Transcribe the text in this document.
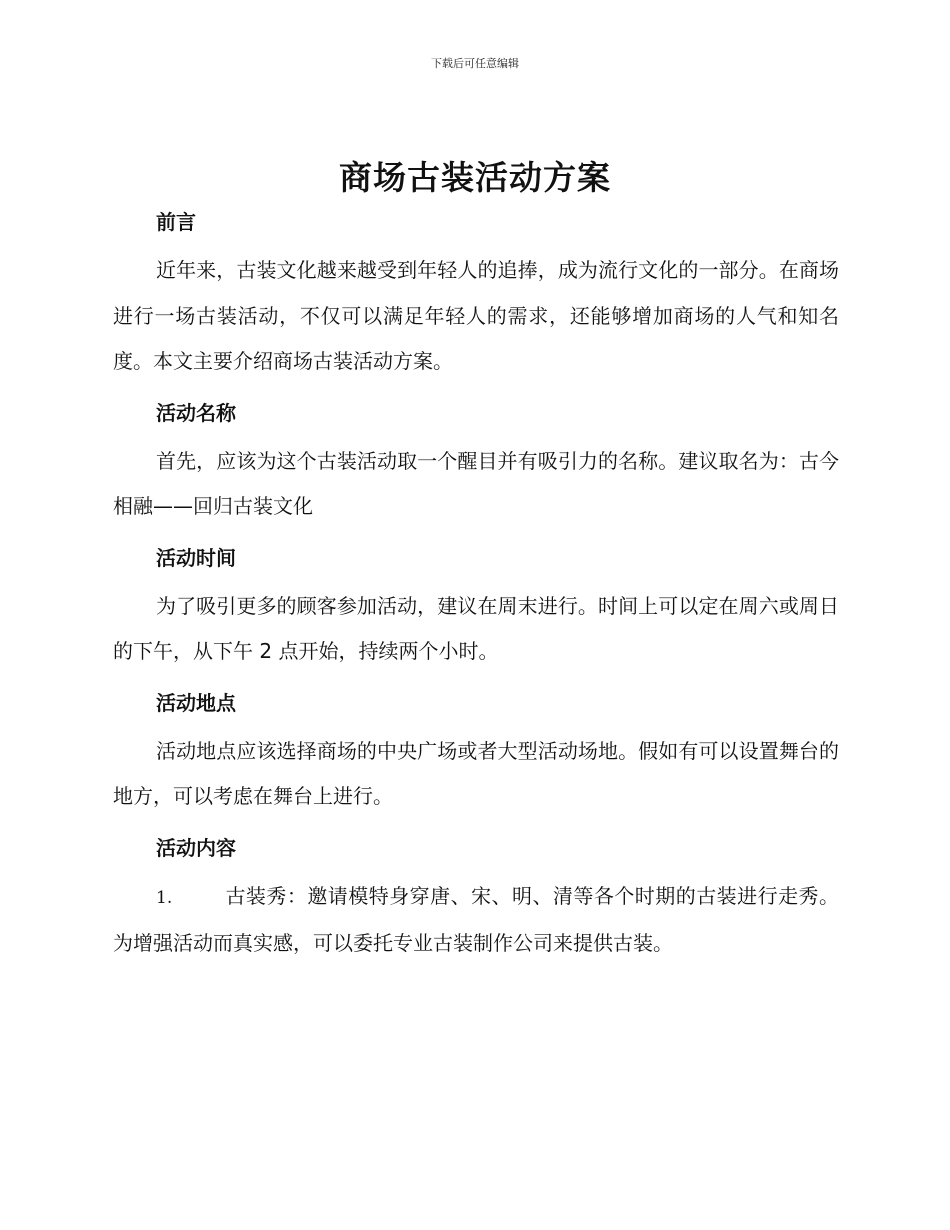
下载后可任意编辑
商场古装活动方案
前言

近年来，古装文化越来越受到年轻人的追捧，成为流行文化的一部分。在商场进行一场古装活动，不仅可以满足年轻人的需求，还能够增加商场的人气和知名度。本文主要介绍商场古装活动方案。

活动名称

首先，应该为这个古装活动取一个醒目并有吸引力的名称。建议取名为：古今相融——回归古装文化

活动时间

为了吸引更多的顾客参加活动，建议在周末进行。时间上可以定在周六或周日的下午，从下午 2 点开始，持续两个小时。

活动地点

活动地点应该选择商场的中央广场或者大型活动场地。假如有可以设置舞台的地方，可以考虑在舞台上进行。

活动内容

1.	古装秀：邀请模特身穿唐、宋、明、清等各个时期的古装进行走秀。为增强活动而真实感，可以委托专业古装制作公司来提供古装。
